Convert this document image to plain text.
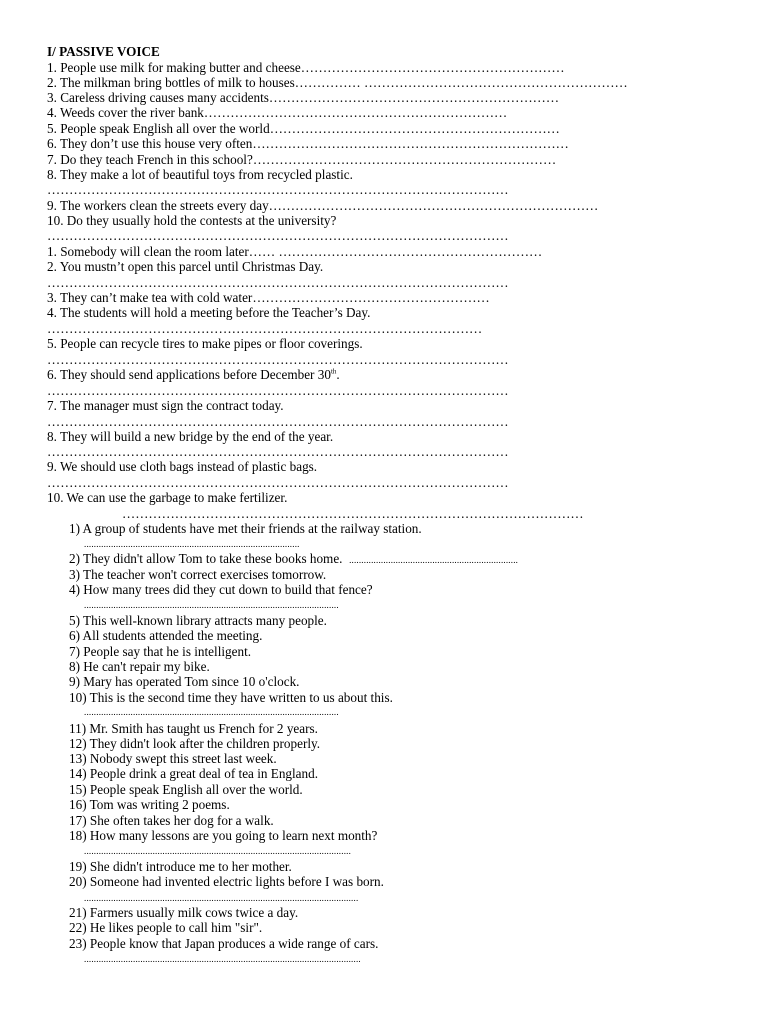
I/ PASSIVE VOICE
1. People use milk for making butter and cheese……………………………………………………
2. The milkman bring bottles of milk to houses…………… ……………………………………………………
3. Careless driving causes many accidents…………………………………………………………
4. Weeds cover the river bank……………………………………………………………
5. People speak English all over the world…………………………………………………………
6. They don’t use this house very often………………………………………………………………
7. Do they teach French in this school?……………………………………………………………
8. They make a lot of beautiful toys from recycled plastic.
……………………………………………………………………………………………
9. The workers clean the streets every day…………………………………………………………………
10. Do they usually hold the contests at the university?
……………………………………………………………………………………………
1. Somebody will clean the room later…… ……………………………………………………
2. You mustn’t open this parcel until Christmas Day.
……………………………………………………………………………………………
3. They can’t make tea with cold water………………………………………………
4. The students will hold a meeting before the Teacher’s Day.
………………………………………………………………………………………
5. People can recycle tires to make pipes or floor coverings.
……………………………………………………………………………………………
6. They should send applications before December 30th.
……………………………………………………………………………………………
7. The manager must sign the contract today.
……………………………………………………………………………………………
8. They will build a new bridge by the end of the year.
……………………………………………………………………………………………
9. We should use cloth bags instead of plastic bags.
……………………………………………………………………………………………
10. We can use the garbage to make fertilizer.
……………………………………………………………………………………………
1) A group of students have met their friends at the railway station.
........................................................................................
2) They didn't allow Tom to take these books home. .....................................................................
3) The teacher won't correct exercises tomorrow.
4) How many trees did they cut down to build that fence?
........................................................................................................
5) This well-known library attracts many people.
6) All students attended the meeting.
7) People say that he is intelligent.
8) He can't repair my bike.
9) Mary has operated Tom since 10 o'clock.
10) This is the second time they have written to us about this.
........................................................................................................
11) Mr. Smith has taught us French for 2 years.
12) They didn't look after the children properly.
13) Nobody swept this street last week.
14) People drink a great deal of tea in England.
15) People speak English all over the world.
16) Tom was writing 2 poems.
17) She often takes her dog for a walk.
18) How many lessons are you going to learn next month?
.............................................................................................................
19) She didn't introduce me to her mother.
20) Someone had invented electric lights before I was born.
................................................................................................................
21) Farmers usually milk cows twice a day.
22) He likes people to call him "sir".
23) People know that Japan produces a wide range of cars.
.................................................................................................................
